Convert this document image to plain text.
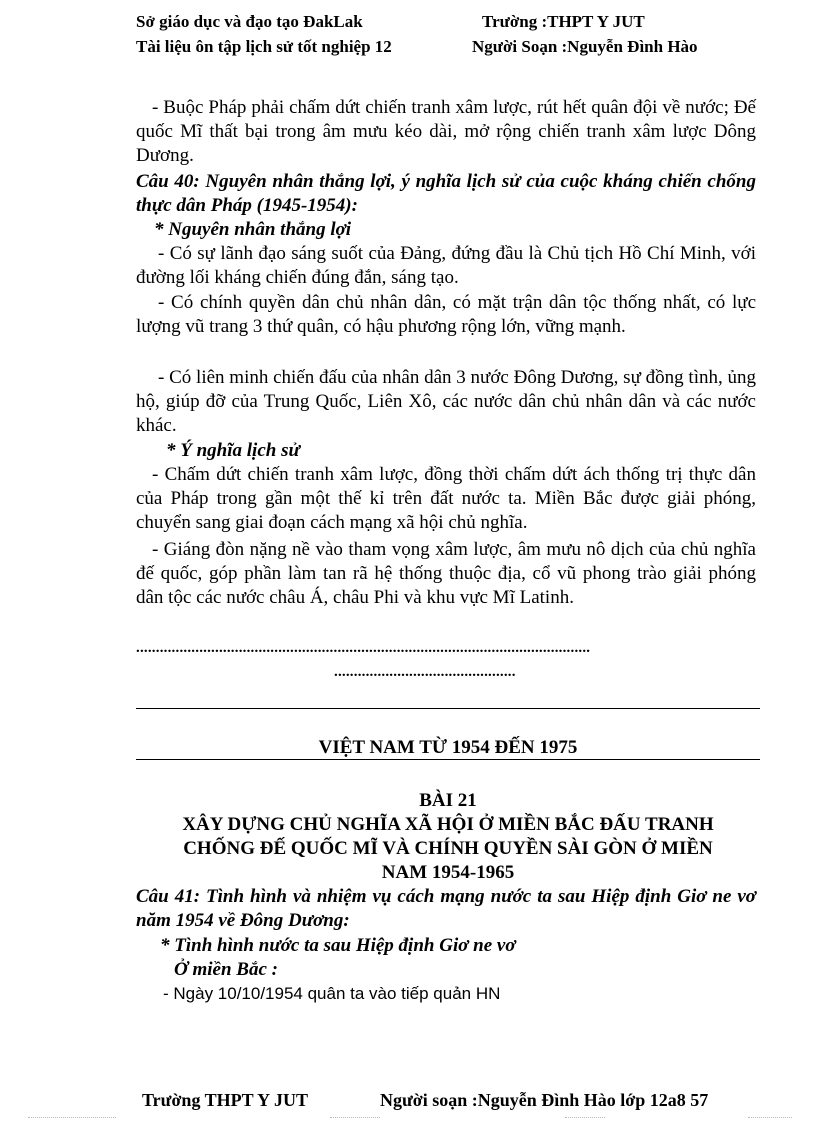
Sở giáo dục và đạo tạo ĐakLak	Trường :THPT Y JUT
Tài liệu ôn tập lịch sử tốt nghiệp 12	Người Soạn :Nguyễn Đình Hào
- Buộc Pháp phải chấm dứt chiến tranh xâm lược, rút hết quân đội về nước; Đế quốc Mĩ thất bại trong âm mưu kéo dài, mở rộng chiến tranh xâm lược Dông Dương.
Câu 40: Nguyên nhân thắng lợi, ý nghĩa lịch sử của cuộc kháng chiến chống thực dân Pháp (1945-1954):
* Nguyên nhân thắng lợi
- Có sự lãnh đạo sáng suốt của Đảng, đứng đầu là Chủ tịch Hồ Chí Minh, với đường lối kháng chiến đúng đắn, sáng tạo.
- Có chính quyền dân chủ nhân dân, có mặt trận dân tộc thống nhất, có lực lượng vũ trang 3 thứ quân, có hậu phương rộng lớn, vững mạnh.
- Có liên minh chiến đấu của nhân dân 3 nước Đông Dương, sự đồng tình, ủng hộ, giúp đỡ của Trung Quốc, Liên Xô, các nước dân chủ nhân dân và các nước khác.
* Ý nghĩa lịch sử
- Chấm dứt chiến tranh xâm lược, đồng thời chấm dứt ách thống trị thực dân của Pháp trong gần một thế kỉ trên đất nước ta. Miền Bắc được giải phóng, chuyển sang giai đoạn cách mạng xã hội chủ nghĩa.
- Giáng đòn nặng nề vào tham vọng xâm lược, âm mưu nô dịch của chủ nghĩa đế quốc, góp phần làm tan rã hệ thống thuộc địa, cổ vũ phong trào giải phóng dân tộc các nước châu Á, châu Phi và khu vực Mĩ Latinh.
...................................................................................................................
..............................................
VIỆT NAM TỪ 1954 ĐẾN 1975
BÀI 21
XÂY DỰNG CHỦ NGHĨA XÃ HỘI Ở MIỀN BẮC ĐẤU TRANH
CHỐNG ĐẾ QUỐC MĨ VÀ CHÍNH QUYỀN SÀI GÒN Ở MIỀN
NAM 1954-1965
Câu 41: Tình hình và nhiệm vụ cách mạng nước ta sau Hiệp định Giơ ne vơ năm 1954 về Đông Dương:
* Tình hình nước ta sau Hiệp định Giơ ne vơ
Ở miền Bắc :
- Ngày 10/10/1954 quân ta vào tiếp quản HN
Trường THPT Y JUT	Người soạn :Nguyễn Đình Hào lớp 12a8 57
